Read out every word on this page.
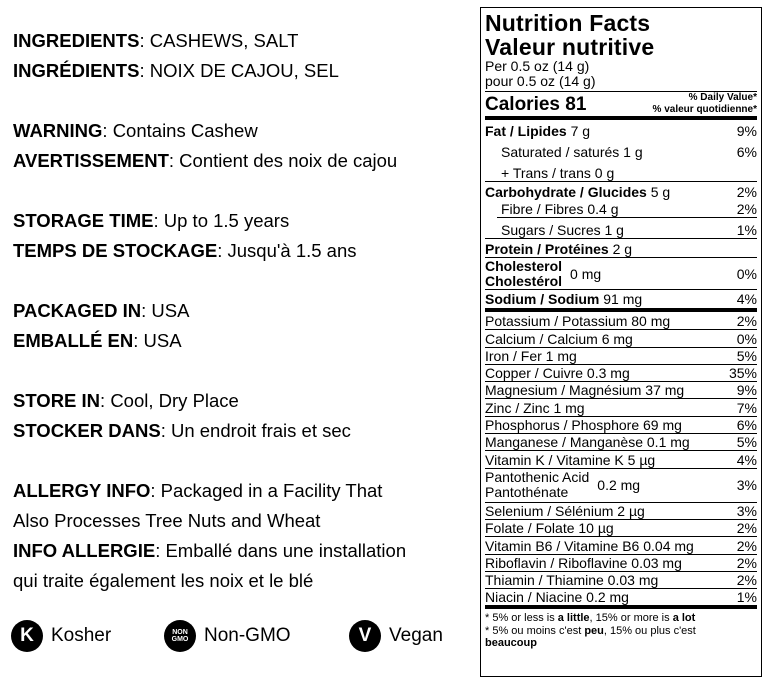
INGREDIENTS: CASHEWS, SALT
INGRÉDIENTS: NOIX DE CAJOU, SEL
WARNING: Contains Cashew
AVERTISSEMENT: Contient des noix de cajou
STORAGE TIME: Up to 1.5 years
TEMPS DE STOCKAGE: Jusqu'à 1.5 ans
PACKAGED IN: USA
EMBALLÉ EN: USA
STORE IN: Cool, Dry Place
STOCKER DANS: Un endroit frais et sec
ALLERGY INFO: Packaged in a Facility That
Also Processes Tree Nuts and Wheat
INFO ALLERGIE: Emballé dans une installation
qui traite également les noix et le blé
K Kosher	NON
GMO Non-GMO	V Vegan
Nutrition Facts
Valeur nutritive
Per 0.5 oz (14 g)
pour 0.5 oz (14 g)
Calories 81	% Daily Value*
% valeur quotidienne*
Fat / Lipides 7 g	9%
Saturated / saturés 1 g	6%
+ Trans / trans 0 g
Carbohydrate / Glucides 5 g	2%
Fibre / Fibres 0.4 g	2%
Sugars / Sucres 1 g	1%
Protein / Protéines 2 g
Cholesterol
Cholestérol 0 mg	0%
Sodium / Sodium 91 mg	4%
Potassium / Potassium 80 mg	2%
Calcium / Calcium 6 mg	0%
Iron / Fer 1 mg	5%
Copper / Cuivre 0.3 mg	35%
Magnesium / Magnésium 37 mg	9%
Zinc / Zinc 1 mg	7%
Phosphorus / Phosphore 69 mg	6%
Manganese / Manganèse 0.1 mg	5%
Vitamin K / Vitamine K 5 µg	4%
Pantothenic Acid
Pantothénate	0.2 mg	3%
Selenium / Sélénium 2 µg	3%
Folate / Folate 10 µg	2%
Vitamin B6 / Vitamine B6 0.04 mg	2%
Riboflavin / Riboflavine 0.03 mg	2%
Thiamin / Thiamine 0.03 mg	2%
Niacin / Niacine 0.2 mg	1%
* 5% or less is a little, 15% or more is a lot
* 5% ou moins c'est peu, 15% ou plus c'est
beaucoup
